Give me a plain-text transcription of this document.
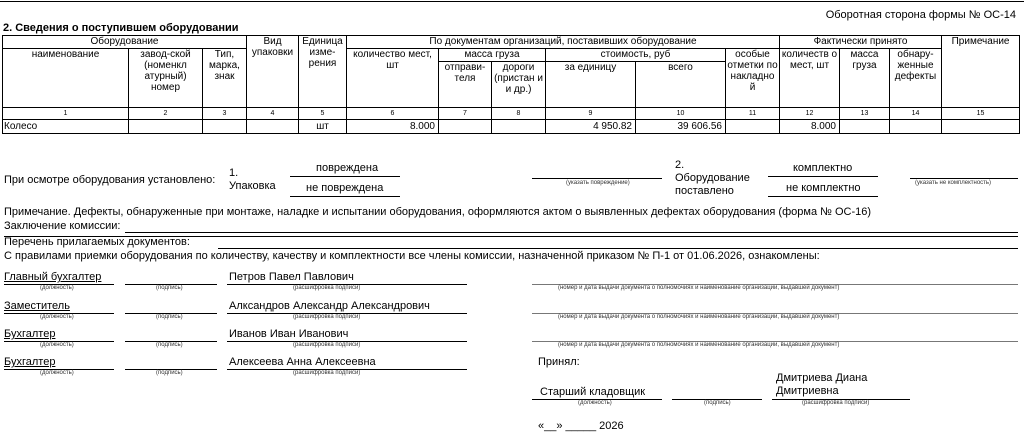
Оборотная сторона формы № ОС-14
2. Сведения о поступившем оборудовании

Оборудование			Вид упаковки	Единица изме-рения	По документам организаций, поставивших оборудование						Фактически принято			Примечание
наименование	завод-ской (номенкл атурный) номер	Тип, марка, знак			количество мест, шт	масса груза		стоимость, руб		особые отметки по накладно й	количеств о мест, шт	масса груза	обнару-женные дефекты	
						отправи-теля	дороги (пристан и и др.)	за единицу	всего					
1	2	3	4	5	6	7	8	9	10	11	12	13	14	15
Колесо				шт	8.000			4 950.82	39 606.56		8.000			
При осмотре оборудования установлено:
1.
Упаковка
повреждена
не повреждена	(указать повреждение)
2.
Оборудование
поставлено
комплектно
не комплектно	(указать не комплектность)
Примечание. Дефекты, обнаруженные при монтаже, наладке и испытании оборудования, оформляются актом о выявленных дефектах оборудования (форма № ОС-16)
Заключение комиссии:
Перечень прилагаемых документов:
С правилами приемки оборудования по количеству, качеству и комплектности все члены комиссии, назначенной приказом № П-1 от 01.06.2026, ознакомлены:
Главный бухгалтер
(должность)	(подпись)
Петров Павел Павлович
(расшифровка подписи)	(номер и дата выдачи документа о полномочиях и наименование организации, выдавшей документ)
Заместитель
(должность)	(подпись)
Алксандров Александр Александрович
(расшифровка подписи)	(номер и дата выдачи документа о полномочиях и наименование организации, выдавшей документ)
Бухгалтер
(должность)	(подпись)
Иванов Иван Иванович
(расшифровка подписи)	(номер и дата выдачи документа о полномочиях и наименование организации, выдавшей документ)
Бухгалтер
(должность)	(подпись)
Алексеева Анна Алексеевна
(расшифровка подписи)
Принял:
Старший кладовщик
(должность)	(подпись)
Дмитриева Диана
Дмитриевна
(расшифровка подписи)
«__» _____ 2026
